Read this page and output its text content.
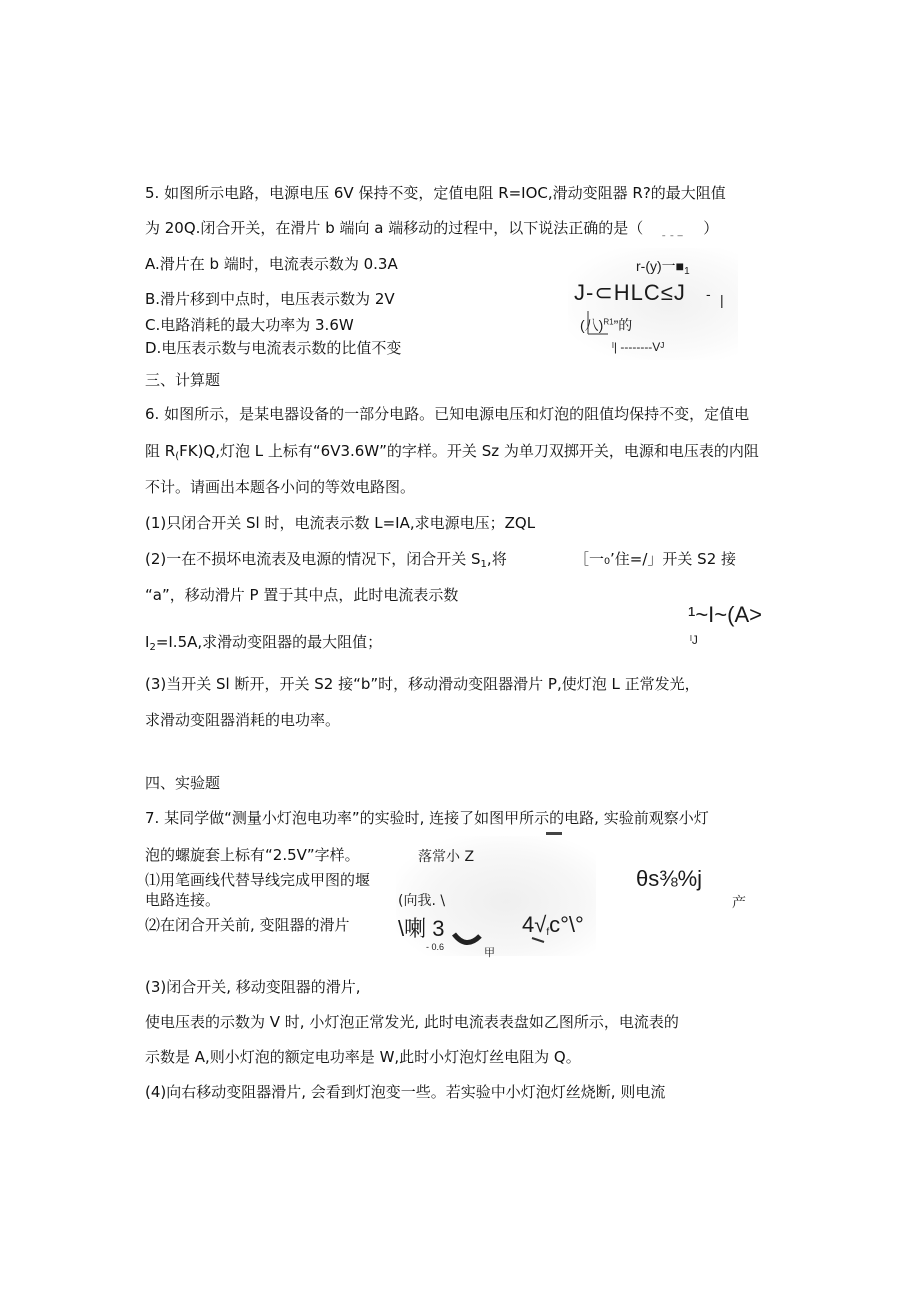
5. 如图所示电路，电源电压 6V 保持不变，定值电阻 R=IOC,滑动变阻器 R?的最大阻值
为 20Q.闭合开关，在滑片 b 端向 a 端移动的过程中，以下说法正确的是（
ˉ ¯ ‾
）
A.滑片在 b 端时，电流表示数为 0.3A
B.滑片移到中点时，电压表示数为 2V
C.电路消耗的最大功率为 3.6W
D.电压表示数与电流表示数的比值不变
r-(y)一$■_1$
J-⊂HLC≤J - |
(八)$^{R1}$”的
ˡ| --------Vᴶ
三、计算题
6. 如图所示，是某电器设备的一部分电路。已知电源电压和灯泡的阻值均保持不变，定值电
阻 $R_(FK)Q$,灯泡 L 上标有“6V3.6W”的字样。开关 Sz 为单刀双掷开关，电源和电压表的内阻
不计。请画出本题各小问的等效电路图。
(1)只闭合开关 Sl 时，电流表示数 L=IA,求电源电压；ZQL
(2)一在不损坏电流表及电源的情况下，闭合开关 $S_1$,将	［一₀’住=/」开关 S2 接
“a”，移动滑片 P 置于其中点，此时电流表示数
$I_2=I.5A$,求滑动变阻器的最大阻值；
¹~I~(A>
ˡJ
(3)当开关 Sl 断开，开关 S2 接“b”时，移动滑动变阻器滑片 P,使灯泡 L 正常发光，
求滑动变阻器消耗的电功率。
四、实验题
7. 某同学做“测量小灯泡电功率”的实验时, 连接了如图甲所示的电路, 实验前观察小灯
泡的螺旋套上标有“2.5V”字样。	落常小 Z
(向我. \
\喇 3	$4√_fc^\circ\backslash^\circ$
- 0.6	甲
θs⅜%j
产
⑴用笔画线代替导线完成甲图的堰
电路连接。
⑵在闭合开关前, 变阻器的滑片
(3)闭合开关, 移动变阻器的滑片,
使电压表的示数为 V 时, 小灯泡正常发光, 此时电流表表盘如乙图所示，电流表的
示数是 A,则小灯泡的额定电功率是 W,此时小灯泡灯丝电阻为 Q。
(4)向右移动变阻器滑片, 会看到灯泡变一些。若实验中小灯泡灯丝烧断, 则电流
